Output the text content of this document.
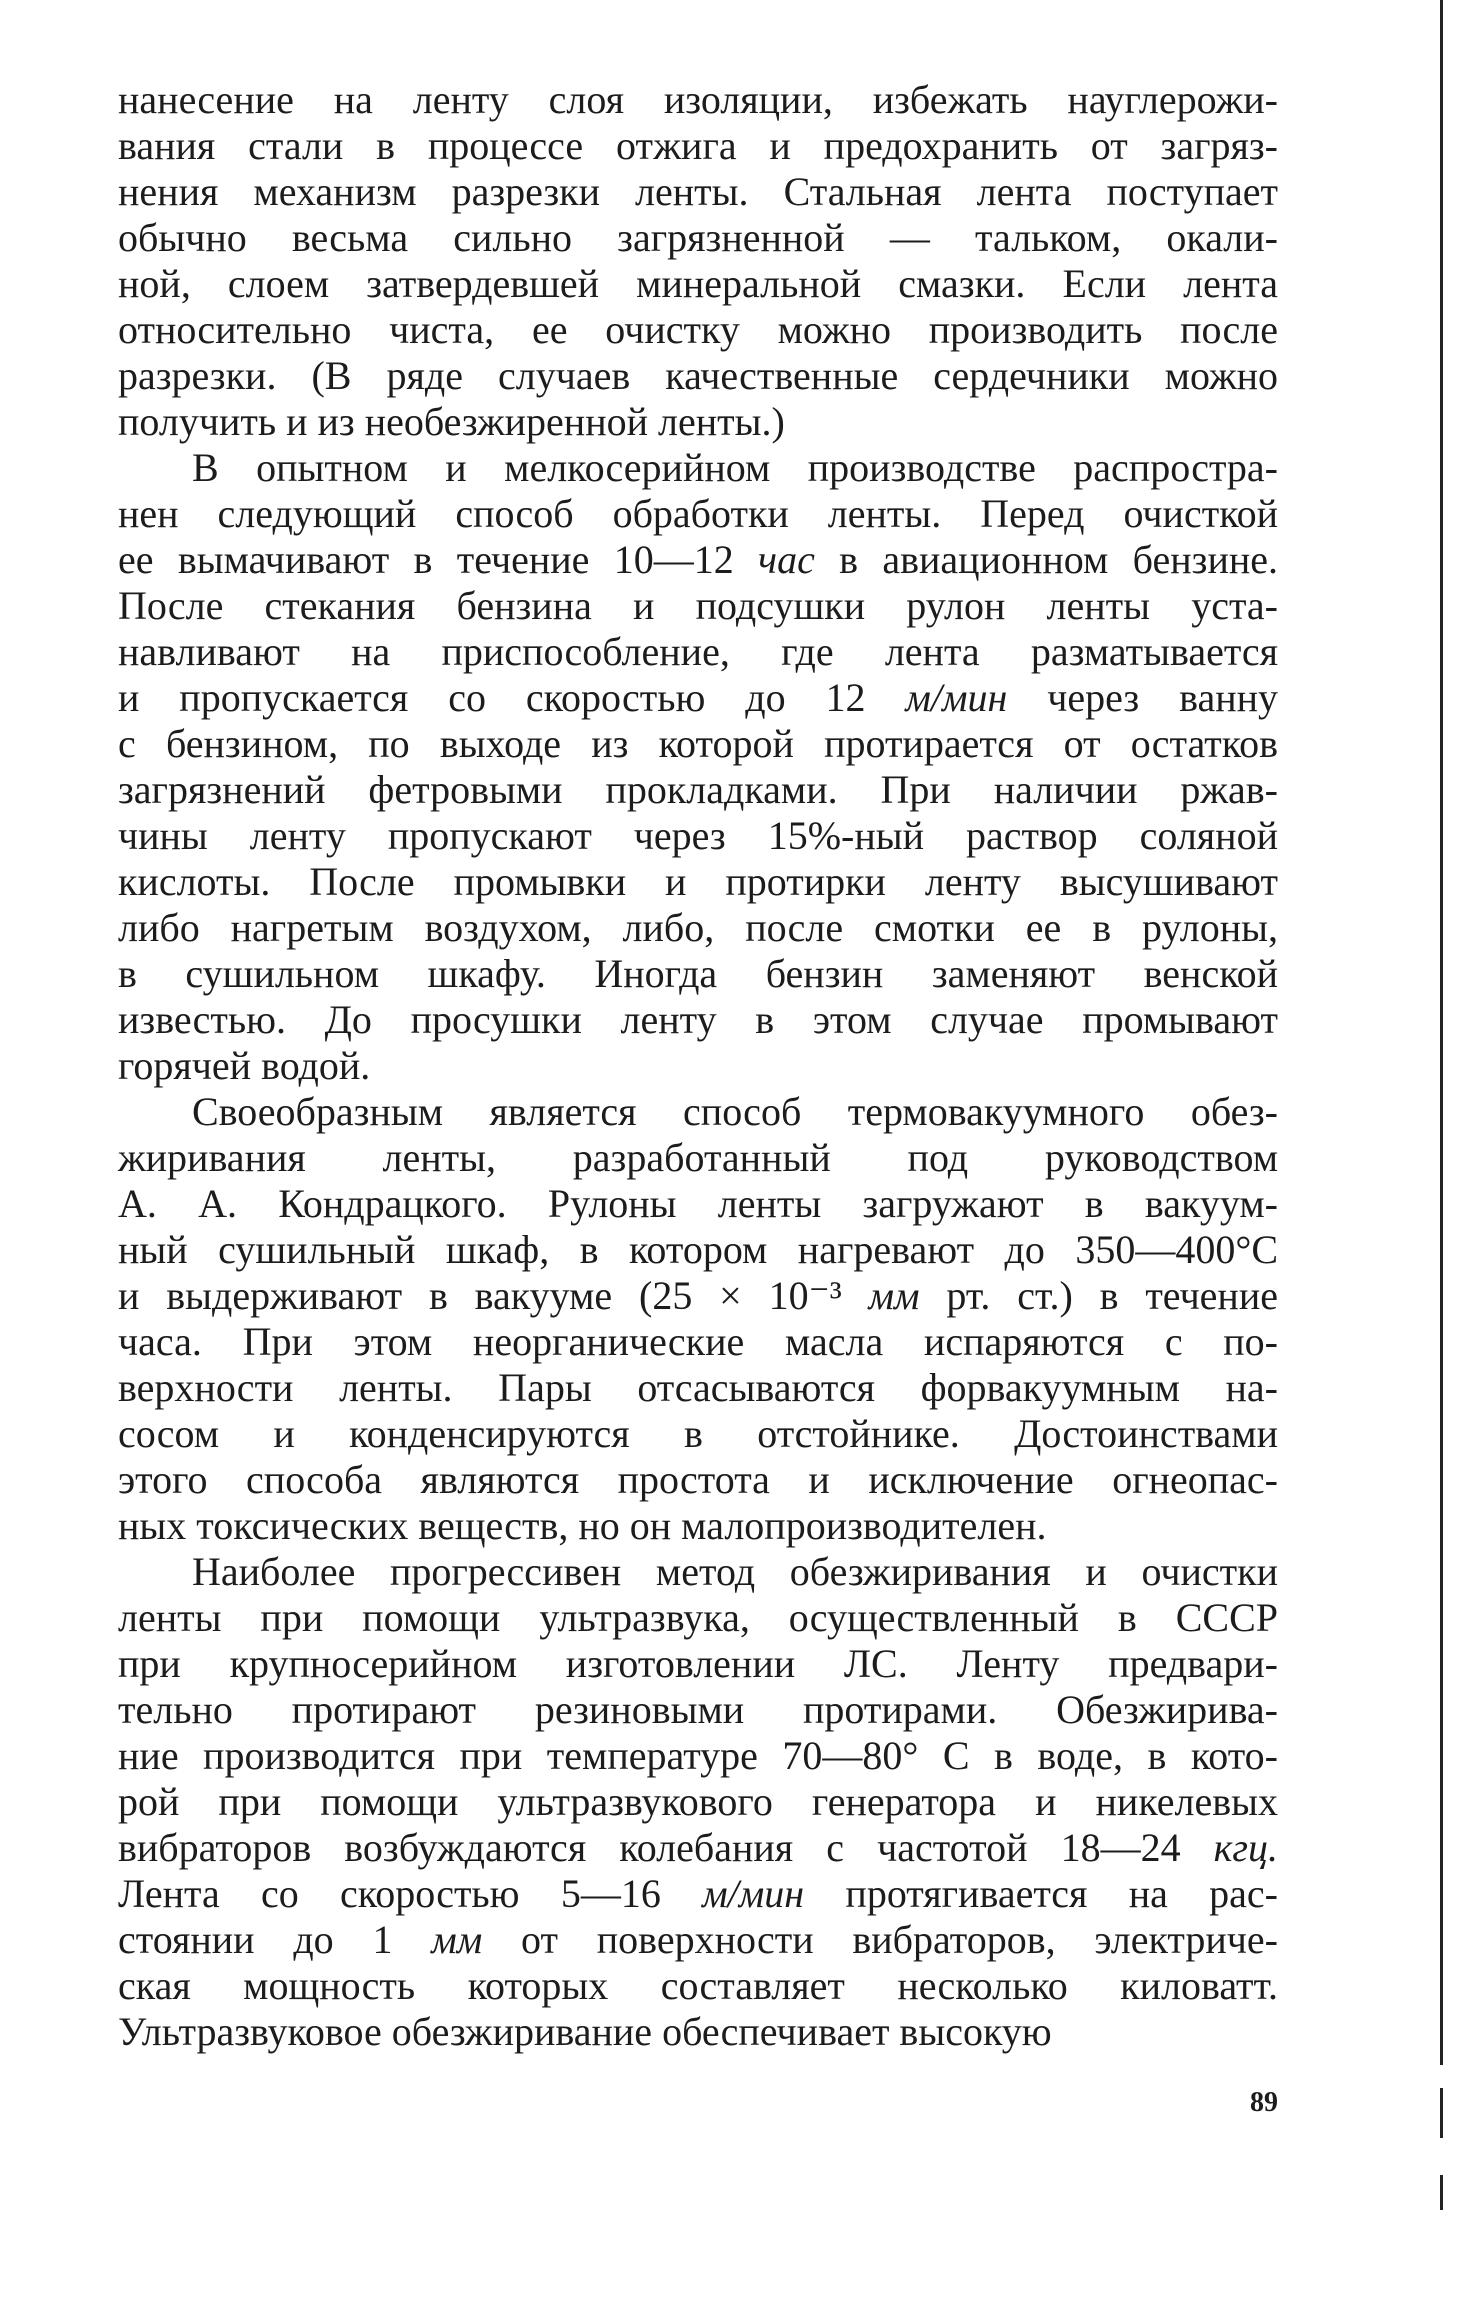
нанесение на ленту слоя изоляции, избежать науглерожи-
вания стали в процессе отжига и предохранить от загряз-
нения механизм разрезки ленты. Стальная лента поступает
обычно весьма сильно загрязненной — тальком, окали-
ной, слоем затвердевшей минеральной смазки. Если лента
относительно чиста, ее очистку можно производить после
разрезки. (В ряде случаев качественные сердечники можно
получить и из необезжиренной ленты.)
В опытном и мелкосерийном производстве распростра-
нен следующий способ обработки ленты. Перед очисткой
ее вымачивают в течение 10—12 час в авиационном бензине.
После стекания бензина и подсушки рулон ленты уста-
навливают на приспособление, где лента разматывается
и пропускается со скоростью до 12 м/мин через ванну
с бензином, по выходе из которой протирается от остатков
загрязнений фетровыми прокладками. При наличии ржав-
чины ленту пропускают через 15%-ный раствор соляной
кислоты. После промывки и протирки ленту высушивают
либо нагретым воздухом, либо, после смотки ее в рулоны,
в сушильном шкафу. Иногда бензин заменяют венской
известью. До просушки ленту в этом случае промывают
горячей водой.
Своеобразным является способ термовакуумного обез-
жиривания ленты, разработанный под руководством
А. А. Кондрацкого. Рулоны ленты загружают в вакуум-
ный сушильный шкаф, в котором нагревают до 350—400°С
и выдерживают в вакууме (25 × 10⁻³ мм рт. ст.) в течение
часа. При этом неорганические масла испаряются с по-
верхности ленты. Пары отсасываются форвакуумным на-
сосом и конденсируются в отстойнике. Достоинствами
этого способа являются простота и исключение огнеопас-
ных токсических веществ, но он малопроизводителен.
Наиболее прогрессивен метод обезжиривания и очистки
ленты при помощи ультразвука, осуществленный в СССР
при крупносерийном изготовлении ЛС. Ленту предвари-
тельно протирают резиновыми протирами. Обезжирива-
ние производится при температуре 70—80° С в воде, в кото-
рой при помощи ультразвукового генератора и никелевых
вибраторов возбуждаются колебания с частотой 18—24 кгц.
Лента со скоростью 5—16 м/мин протягивается на рас-
стоянии до 1 мм от поверхности вибраторов, электриче-
ская мощность которых составляет несколько киловатт.
Ультразвуковое обезжиривание обеспечивает высокую
89
